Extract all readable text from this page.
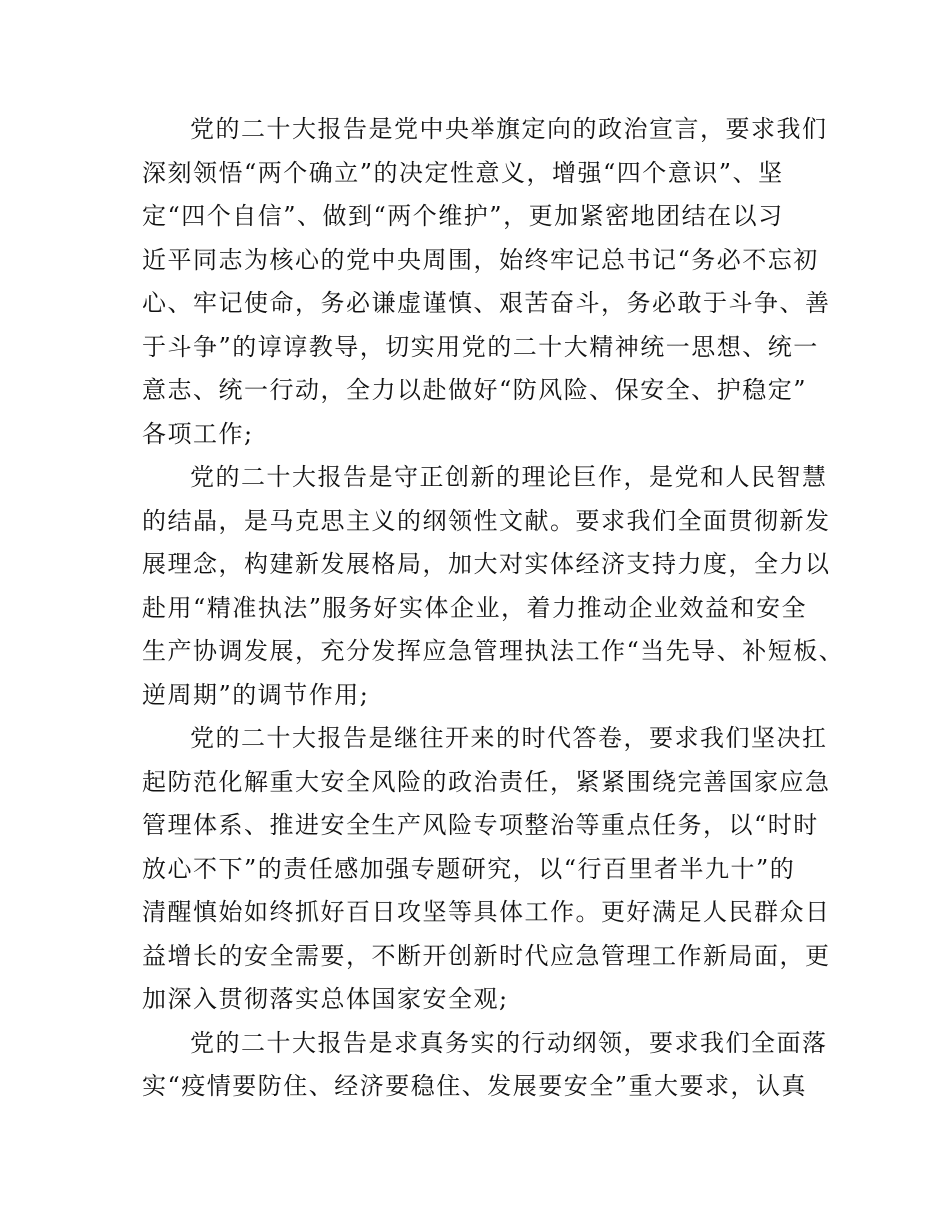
党的二十大报告是党中央举旗定向的政治宣言，要求我们
深刻领悟“两个确立”的决定性意义，增强“四个意识”、坚
定“四个自信”、做到“两个维护”，更加紧密地团结在以习
近平同志为核心的党中央周围，始终牢记总书记“务必不忘初
心、牢记使命，务必谦虚谨慎、艰苦奋斗，务必敢于斗争、善
于斗争”的谆谆教导，切实用党的二十大精神统一思想、统一
意志、统一行动，全力以赴做好“防风险、保安全、护稳定”
各项工作;
党的二十大报告是守正创新的理论巨作，是党和人民智慧
的结晶，是马克思主义的纲领性文献。要求我们全面贯彻新发
展理念，构建新发展格局，加大对实体经济支持力度，全力以
赴用“精准执法”服务好实体企业，着力推动企业效益和安全
生产协调发展，充分发挥应急管理执法工作“当先导、补短板、
逆周期”的调节作用;
党的二十大报告是继往开来的时代答卷，要求我们坚决扛
起防范化解重大安全风险的政治责任，紧紧围绕完善国家应急
管理体系、推进安全生产风险专项整治等重点任务，以“时时
放心不下”的责任感加强专题研究，以“行百里者半九十”的
清醒慎始如终抓好百日攻坚等具体工作。更好满足人民群众日
益增长的安全需要，不断开创新时代应急管理工作新局面，更
加深入贯彻落实总体国家安全观;
党的二十大报告是求真务实的行动纲领，要求我们全面落
实“疫情要防住、经济要稳住、发展要安全”重大要求，认真
